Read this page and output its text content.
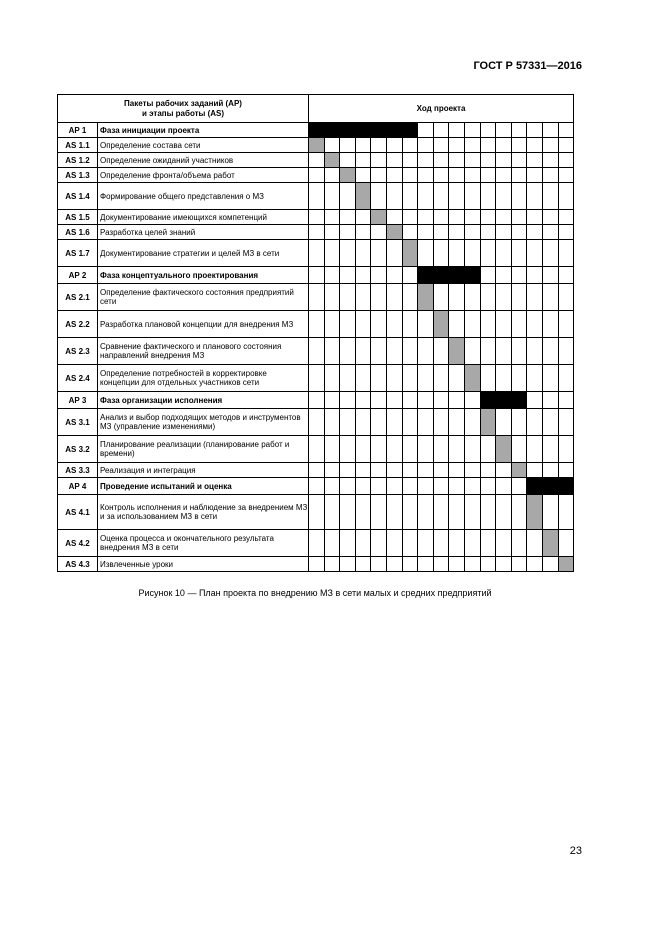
ГОСТ Р 57331—2016
Пакеты рабочих заданий (АР)
и этапы работы (AS)		Ход проекта																
АР 1	Фаза инициации проекта																	
AS 1.1	Определение состава сети																	
AS 1.2	Определение ожиданий участников																	
AS 1.3	Определение фронта/объема работ																	
AS 1.4	Формирование общего представления о МЗ																	
AS 1.5	Документирование имеющихся компетенций																	
AS 1.6	Разработка целей знаний																	
AS 1.7	Документирование стратегии и целей МЗ в сети																	
АР 2	Фаза концептуального проектирования																	
AS 2.1	Определение фактического состояния предприятий сети																	
AS 2.2	Разработка плановой концепции для внедрения МЗ																	
AS 2.3	Сравнение фактического и планового состояния направлений внедрения МЗ																	
AS 2.4	Определение потребностей в корректировке концепции для отдельных участников сети																	
АР 3	Фаза организации исполнения																	
AS 3.1	Анализ и выбор подходящих методов и инструментов МЗ (управление изменениями)																	
AS 3.2	Планирование реализации (планирование работ и времени)																	
AS 3.3	Реализация и интеграция																	
АР 4	Проведение испытаний и оценка																	
AS 4.1	Контроль исполнения и наблюдение за внедрением МЗ и за использованием МЗ в сети																	
AS 4.2	Оценка процесса и окончательного результата внедрения МЗ в сети																	
AS 4.3	Извлеченные уроки																	
Рисунок 10 — План проекта по внедрению МЗ в сети малых и средних предприятий
23
